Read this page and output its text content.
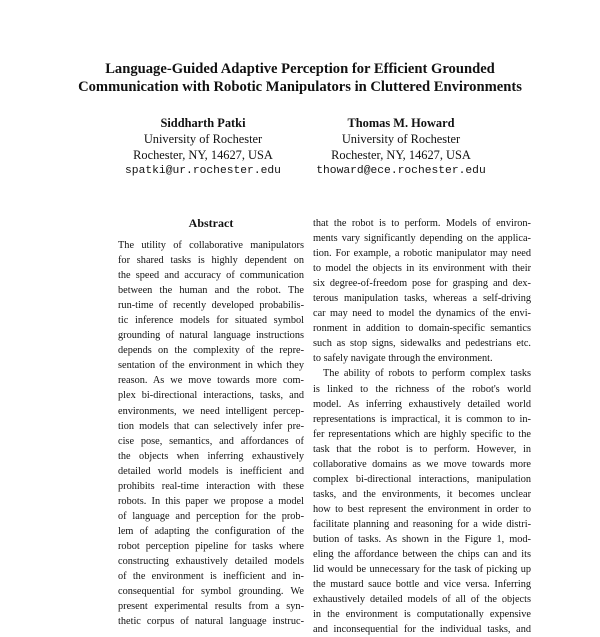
Language-Guided Adaptive Perception for Efficient Grounded
Communication with Robotic Manipulators in Cluttered Environments
Siddharth Patki
University of Rochester
Rochester, NY, 14627, USA
spatki@ur.rochester.edu
Thomas M. Howard
University of Rochester
Rochester, NY, 14627, USA
thoward@ece.rochester.edu
Abstract
The utility of collaborative manipulators
for shared tasks is highly dependent on
the speed and accuracy of communication
between the human and the robot. The
run-time of recently developed probabilis-
tic inference models for situated symbol
grounding of natural language instructions
depends on the complexity of the repre-
sentation of the environment in which they
reason. As we move towards more com-
plex bi-directional interactions, tasks, and
environments, we need intelligent percep-
tion models that can selectively infer pre-
cise pose, semantics, and affordances of
the objects when inferring exhaustively
detailed world models is inefficient and
prohibits real-time interaction with these
robots. In this paper we propose a model
of language and perception for the prob-
lem of adapting the configuration of the
robot perception pipeline for tasks where
constructing exhaustively detailed models
of the environment is inefficient and in-
consequential for symbol grounding. We
present experimental results from a syn-
thetic corpus of natural language instruc-
that the robot is to perform. Models of environ-
ments vary significantly depending on the applica-
tion. For example, a robotic manipulator may need
to model the objects in its environment with their
six degree-of-freedom pose for grasping and dex-
terous manipulation tasks, whereas a self-driving
car may need to model the dynamics of the envi-
ronment in addition to domain-specific semantics
such as stop signs, sidewalks and pedestrians etc.
to safely navigate through the environment.
The ability of robots to perform complex tasks
is linked to the richness of the robot's world
model. As inferring exhaustively detailed world
representations is impractical, it is common to in-
fer representations which are highly specific to the
task that the robot is to perform. However, in
collaborative domains as we move towards more
complex bi-directional interactions, manipulation
tasks, and the environments, it becomes unclear
how to best represent the environment in order to
facilitate planning and reasoning for a wide distri-
bution of tasks. As shown in the Figure 1, mod-
eling the affordance between the chips can and its
lid would be unnecessary for the task of picking up
the mustard sauce bottle and vice versa. Inferring
exhaustively detailed models of all of the objects
in the environment is computationally expensive
and inconsequential for the individual tasks, and
